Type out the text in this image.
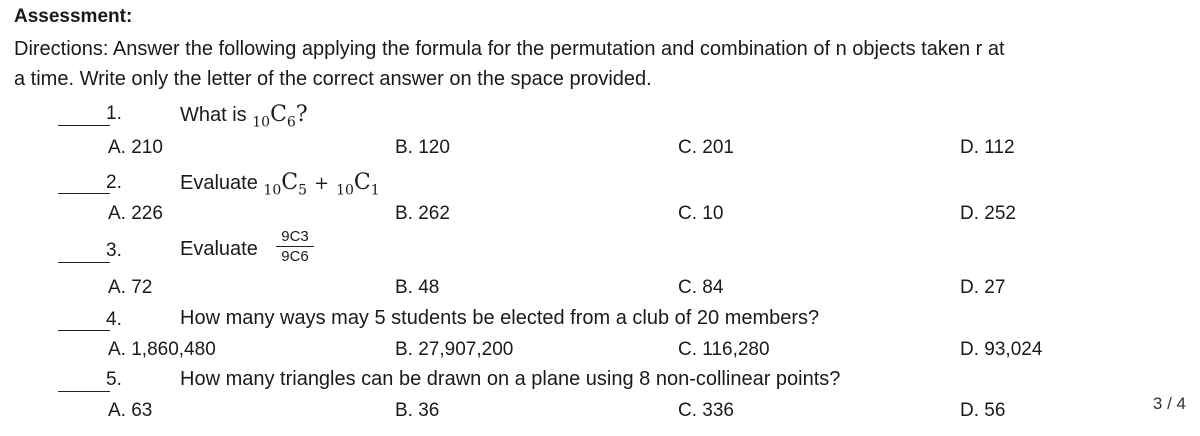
Assessment:
Directions: Answer the following applying the formula for the permutation and combination of n objects taken r at
a time. Write only the letter of the correct answer on the space provided.
1.	What is $_{10}C_6$?
A. 210	B. 120	C. 201	D. 112
2.	Evaluate $_{10}C_5 + _{10}C_1$
A. 226	B. 262	C. 10	D. 252
3.	Evaluate
9C3
9C6
A. 72	B. 48	C. 84	D. 27
4.	How many ways may 5 students be elected from a club of 20 members?
A. 1,860,480	B. 27,907,200	C. 116,280	D. 93,024
5.	How many triangles can be drawn on a plane using 8 non-collinear points?
A. 63	B. 36	C. 336	D. 56	3 / 4
